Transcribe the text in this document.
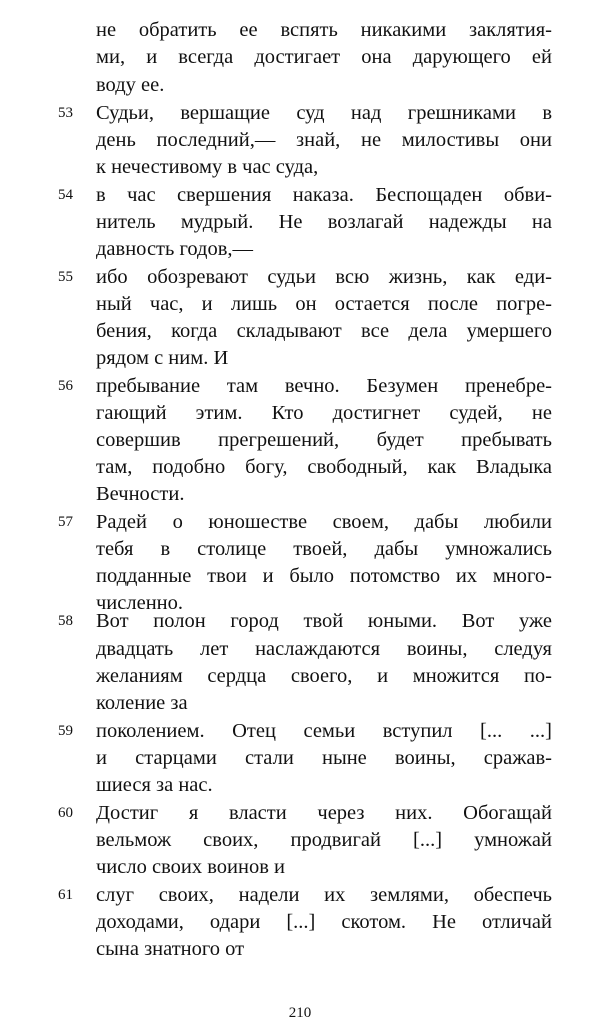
не обратить ее вспять никакими заклятия-
ми, и всегда достигает она дарующего ей
воду ее.
53	Судьи, вершащие суд над грешниками в
день последний,— знай, не милостивы они
к нечестивому в час суда,
54	в час свершения наказа. Беспощаден обви-
нитель мудрый. Не возлагай надежды на
давность годов,—
55	ибо обозревают судьи всю жизнь, как еди-
ный час, и лишь он остается после погре-
бения, когда складывают все дела умершего
рядом с ним. И
56	пребывание там вечно. Безумен пренебре-
гающий этим. Кто достигнет судей, не
совершив прегрешений, будет пребывать
там, подобно богу, свободный, как Владыка
Вечности.
57	Радей о юношестве своем, дабы любили
тебя в столице твоей, дабы умножались
подданные твои и было потомство их много-
численно.
58	Вот полон город твой юными. Вот уже
двадцать лет наслаждаются воины, следуя
желаниям сердца своего, и множится по-
коление за
59	поколением. Отец семьи вступил [... ...]
и старцами стали ныне воины, сражав-
шиеся за нас.
60	Достиг я власти через них. Обогащай
вельмож своих, продвигай [...] умножай
число своих воинов и
61	слуг своих, надели их землями, обеспечь
доходами, одари [...] скотом. Не отличай
сына знатного от
210
